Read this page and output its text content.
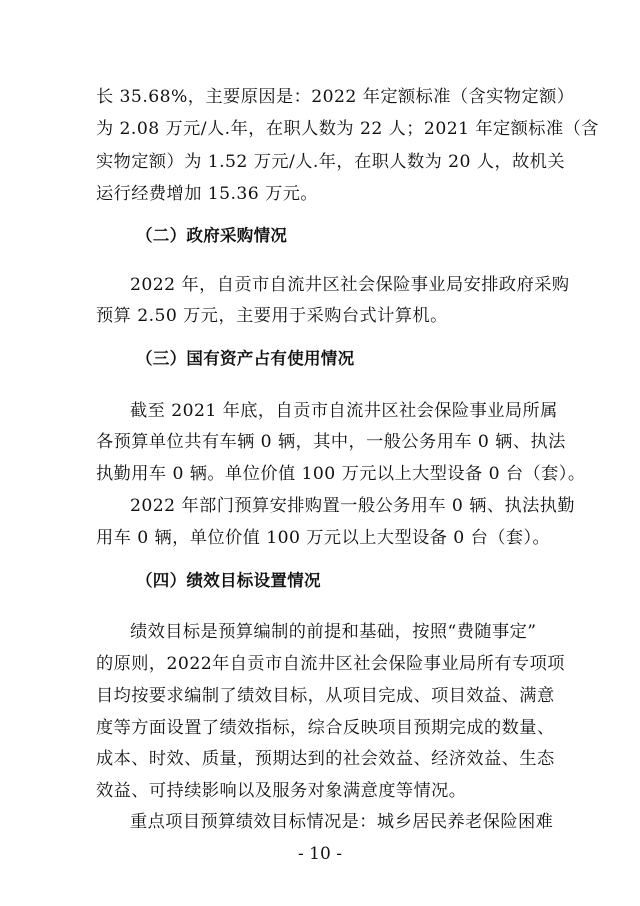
长 35.68%，主要原因是：2022 年定额标准（含实物定额）
为 2.08 万元/人.年，在职人数为 22 人；2021 年定额标准（含
实物定额）为 1.52 万元/人.年，在职人数为 20 人，故机关
运行经费增加 15.36 万元。
（二）政府采购情况
2022 年，自贡市自流井区社会保险事业局安排政府采购
预算 2.50 万元，主要用于采购台式计算机。
（三）国有资产占有使用情况
截至 2021 年底，自贡市自流井区社会保险事业局所属
各预算单位共有车辆 0 辆，其中，一般公务用车 0 辆、执法
执勤用车 0 辆。单位价值 100 万元以上大型设备 0 台（套）。
2022 年部门预算安排购置一般公务用车 0 辆、执法执勤
用车 0 辆，单位价值 100 万元以上大型设备 0 台（套）。
（四）绩效目标设置情况
绩效目标是预算编制的前提和基础，按照“费随事定”
的原则，2022年自贡市自流井区社会保险事业局所有专项项
目均按要求编制了绩效目标，从项目完成、项目效益、满意
度等方面设置了绩效指标，综合反映项目预期完成的数量、
成本、时效、质量，预期达到的社会效益、经济效益、生态
效益、可持续影响以及服务对象满意度等情况。
重点项目预算绩效目标情况是：城乡居民养老保险困难
- 10 -
